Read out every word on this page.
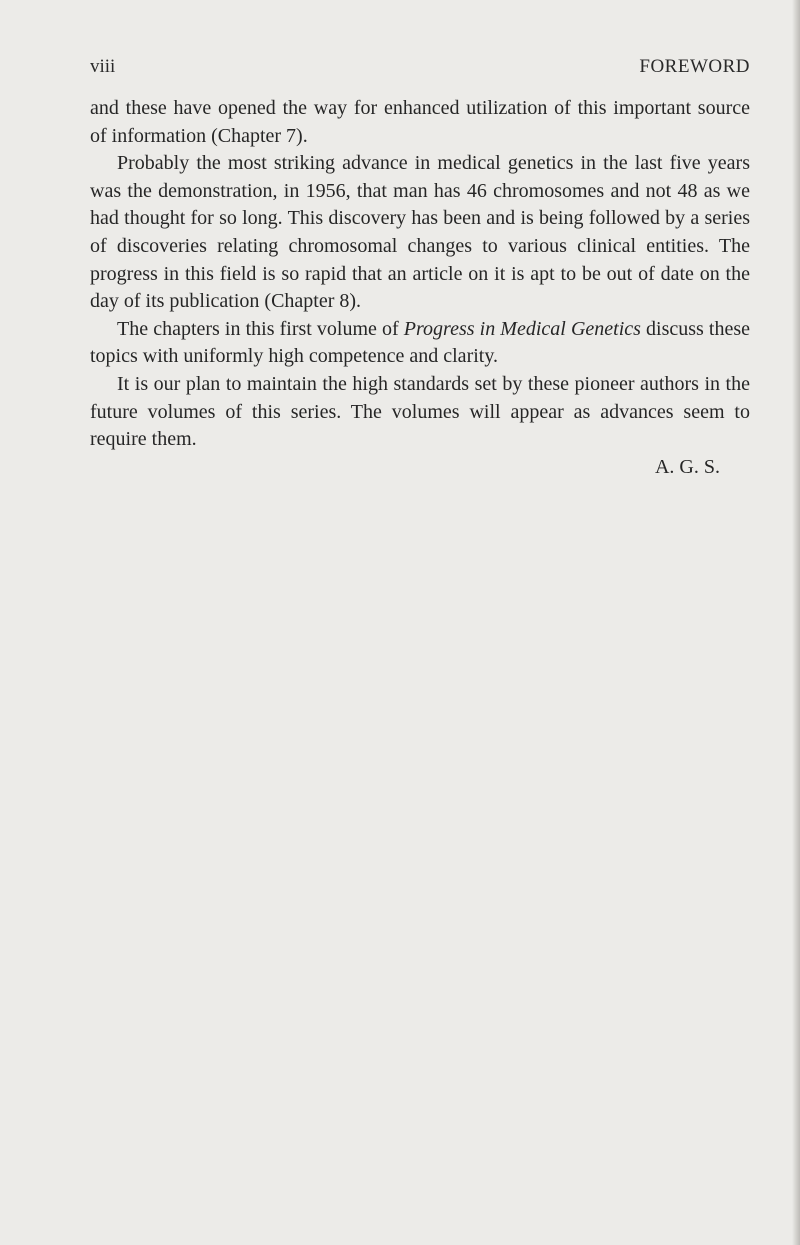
viii	FOREWORD

and these have opened the way for enhanced utilization of this important source of information (Chapter 7).

Probably the most striking advance in medical genetics in the last five years was the demonstration, in 1956, that man has 46 chromosomes and not 48 as we had thought for so long. This discovery has been and is being followed by a series of discoveries relating chromosomal changes to various clinical entities. The progress in this field is so rapid that an article on it is apt to be out of date on the day of its publication (Chapter 8).

The chapters in this first volume of Progress in Medical Genetics discuss these topics with uniformly high competence and clarity.

It is our plan to maintain the high standards set by these pioneer authors in the future volumes of this series. The volumes will appear as advances seem to require them.

A. G. S.
